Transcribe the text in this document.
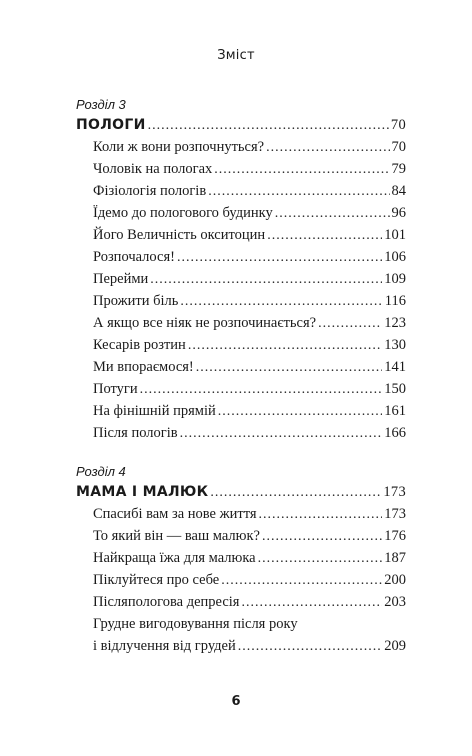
Зміст
Розділ 3
ПОЛОГИ .....	70
Коли ж вони розпочнуться? .....	70
Чоловік на пологах .....	79
Фізіологія пологів .....	84
Їдемо до пологового будинку .....	96
Його Величність окситоцин .....	101
Розпочалося! .....	106
Перейми .....	109
Прожити біль .....	116
А якщо все ніяк не розпочинається? .....	123
Кесарів розтин .....	130
Ми впораємося! .....	141
Потуги .....	150
На фінішній прямій .....	161
Після пологів .....	166
Розділ 4
МАМА І МАЛЮК .....	173
Спасибі вам за нове життя .....	173
То який він — ваш малюк? .....	176
Найкраща їжа для малюка .....	187
Піклуйтеся про себе .....	200
Післяпологова депресія .....	203
Грудне вигодовування після року
і відлучення від грудей .....	209
6
